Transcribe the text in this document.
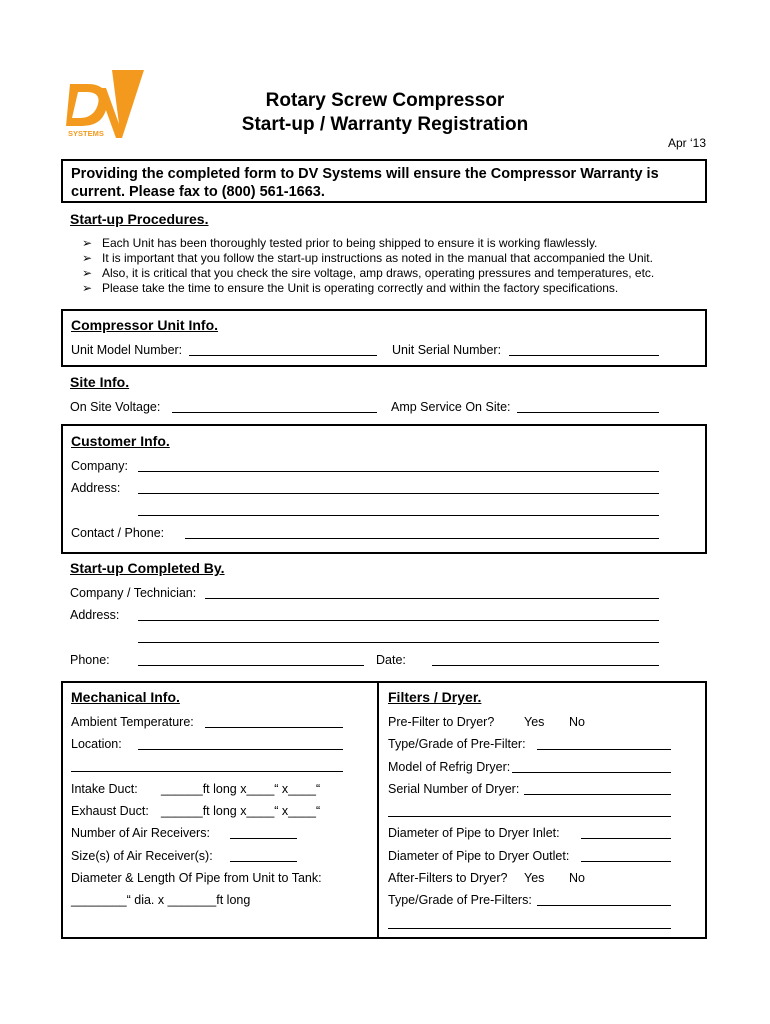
SYSTEMS
Rotary Screw Compressor
Start-up / Warranty Registration
Apr ‘13
Providing the completed form to DV Systems will ensure the Compressor Warranty is current. Please fax to (800) 561-1663.
Start-up Procedures.
➢ Each Unit has been thoroughly tested prior to being shipped to ensure it is working flawlessly.
➢ It is important that you follow the start-up instructions as noted in the manual that accompanied the Unit.
➢ Also, it is critical that you check the sire voltage, amp draws, operating pressures and temperatures, etc.
➢ Please take the time to ensure the Unit is operating correctly and within the factory specifications.
Compressor Unit Info.
Unit Model Number:	Unit Serial Number:
Site Info.
On Site Voltage:	Amp Service On Site:
Customer Info.
Company:
Address:
Contact / Phone:
Start-up Completed By.
Company / Technician:
Address:
Phone:	Date:
Mechanical Info.
Ambient Temperature:
Location:
Intake Duct: ______ft long x____“ x____“
Exhaust Duct: ______ft long x____“ x____“
Number of Air Receivers:
Size(s) of Air Receiver(s):
Diameter & Length Of Pipe from Unit to Tank:
________“ dia. x _______ft long
Filters / Dryer.
Pre-Filter to Dryer? Yes No
Type/Grade of Pre-Filter:
Model of Refrig Dryer:
Serial Number of Dryer:
Diameter of Pipe to Dryer Inlet:
Diameter of Pipe to Dryer Outlet:
After-Filters to Dryer? Yes No
Type/Grade of Pre-Filters:
